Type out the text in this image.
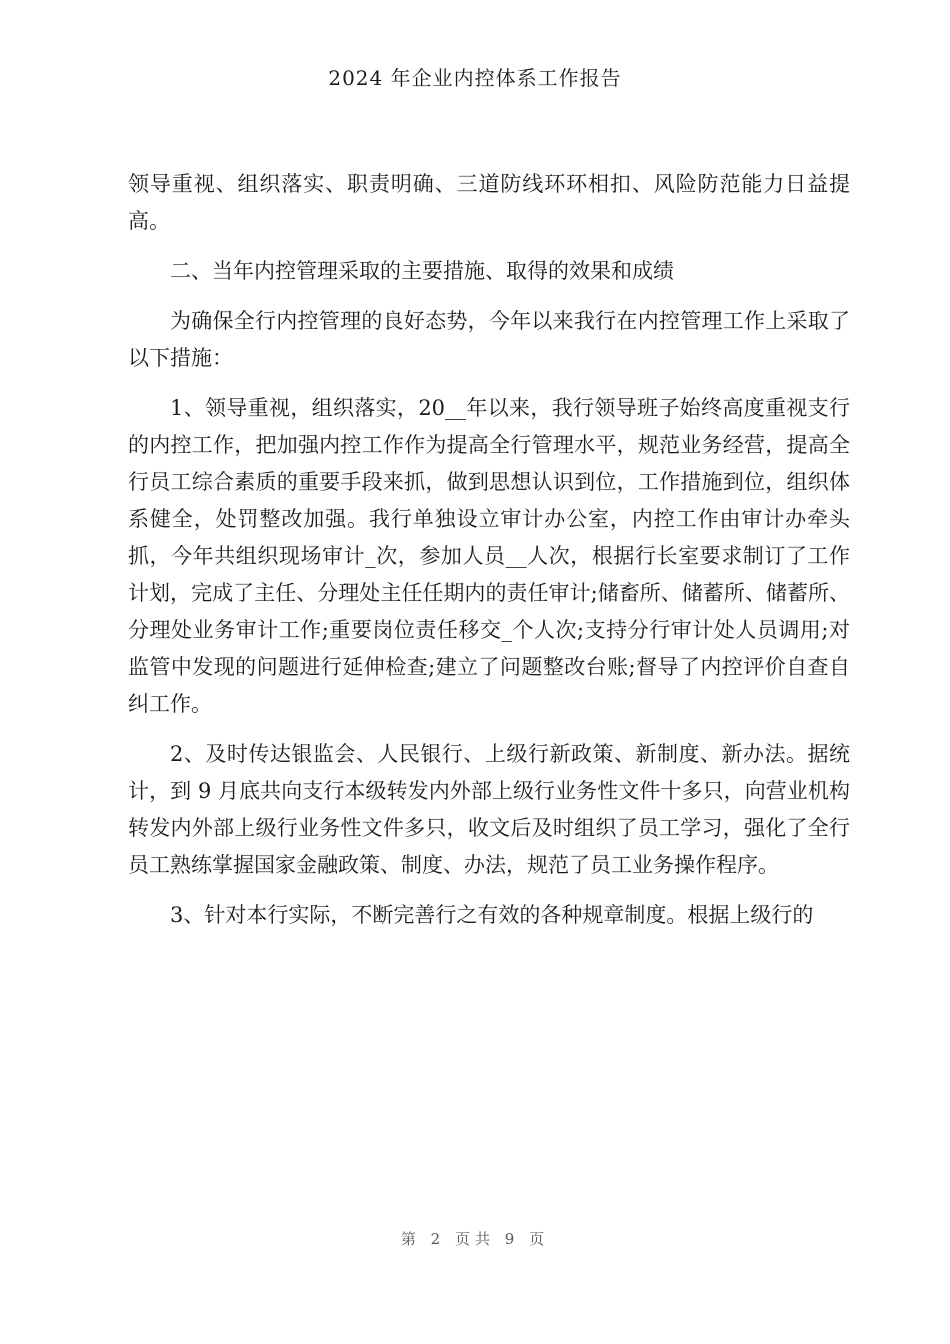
2024 年企业内控体系工作报告

领导重视、组织落实、职责明确、三道防线环环相扣、风险防范能力日益提高。

二、当年内控管理采取的主要措施、取得的效果和成绩

为确保全行内控管理的良好态势，今年以来我行在内控管理工作上采取了以下措施：

1、领导重视，组织落实，20__年以来，我行领导班子始终高度重视支行的内控工作，把加强内控工作作为提高全行管理水平，规范业务经营，提高全行员工综合素质的重要手段来抓，做到思想认识到位，工作措施到位，组织体系健全，处罚整改加强。我行单独设立审计办公室，内控工作由审计办牵头抓，今年共组织现场审计_次，参加人员__人次，根据行长室要求制订了工作计划，完成了主任、分理处主任任期内的责任审计;储畜所、储蓄所、储蓄所、分理处业务审计工作;重要岗位责任移交_个人次;支持分行审计处人员调用;对监管中发现的问题进行延伸检查;建立了问题整改台账;督导了内控评价自查自纠工作。

2、及时传达银监会、人民银行、上级行新政策、新制度、新办法。据统计，到 9 月底共向支行本级转发内外部上级行业务性文件十多只，向营业机构转发内外部上级行业务性文件多只，收文后及时组织了员工学习，强化了全行员工熟练掌握国家金融政策、制度、办法，规范了员工业务操作程序。

3、针对本行实际，不断完善行之有效的各种规章制度。根据上级行的

第 2 页共 9 页
